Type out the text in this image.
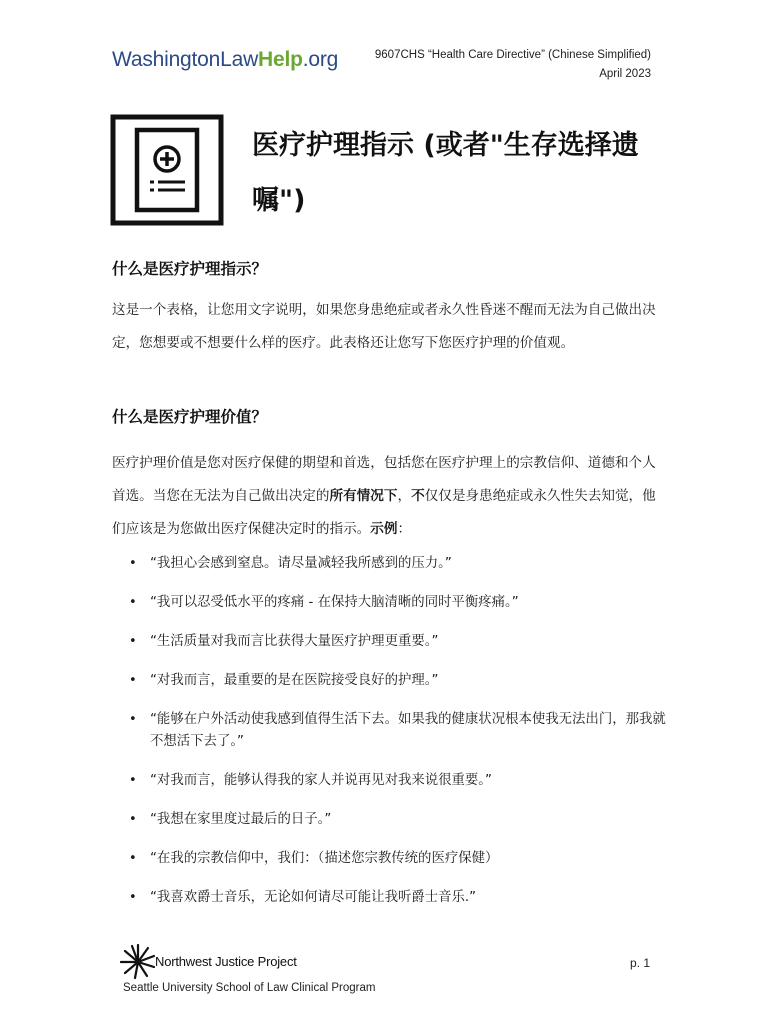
WashingtonLawHelp.org	9607CHS “Health Care Directive” (Chinese Simplified)
April 2023
医疗护理指示 (或者"生存选择遗嘱")
什么是医疗护理指示？

这是一个表格，让您用文字说明，如果您身患绝症或者永久性昏迷不醒而无法为自己做出决定，您想要或不想要什么样的医疗。此表格还让您写下您医疗护理的价值观。

什么是医疗护理价值？

医疗护理价值是您对医疗保健的期望和首选，包括您在医疗护理上的宗教信仰、道德和个人首选。当您在无法为自己做出决定的所有情况下，不仅仅是身患绝症或永久性失去知觉，他们应该是为您做出医疗保健决定时的指示。示例：

• “我担心会感到窒息。请尽量减轻我所感到的压力。”
• “我可以忍受低水平的疼痛 - 在保持大脑清晰的同时平衡疼痛。”
• “生活质量对我而言比获得大量医疗护理更重要。”
• “对我而言，最重要的是在医院接受良好的护理。”
• “能够在户外活动使我感到值得生活下去。如果我的健康状况根本使我无法出门，那我就不想活下去了。”
• “对我而言，能够认得我的家人并说再见对我来说很重要。”
• “我想在家里度过最后的日子。”
• “在我的宗教信仰中，我们：（描述您宗教传统的医疗保健）
• “我喜欢爵士音乐，无论如何请尽可能让我听爵士音乐.”
Northwest Justice Project	p. 1
Seattle University School of Law Clinical Program
